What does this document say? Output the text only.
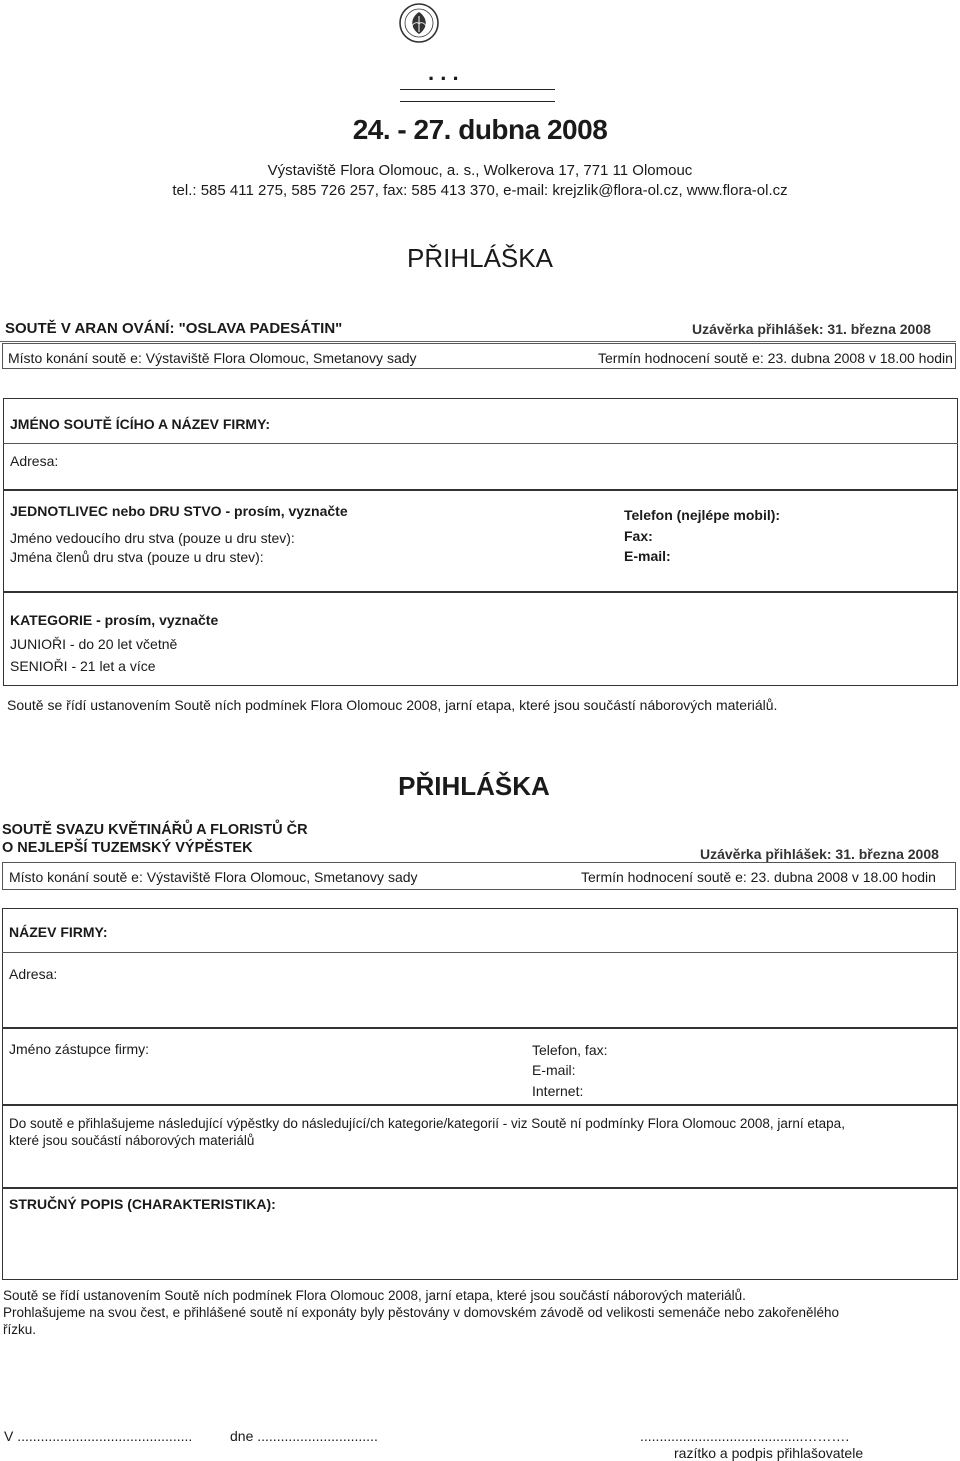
. . .
24. - 27. dubna 2008
Výstaviště Flora Olomouc, a. s., Wolkerova 17, 771 11 Olomouc
tel.: 585 411 275, 585 726 257, fax: 585 413 370, e-mail: krejzlik@flora-ol.cz, www.flora-ol.cz
PŘIHLÁŠKA
SOUTĚ V ARAN OVÁNÍ: "OSLAVA PADESÁTIN"	Uzávěrka přihlášek: 31. března 2008
Místo konání soutě e: Výstaviště Flora Olomouc, Smetanovy sady	Termín hodnocení soutě e: 23. dubna 2008 v 18.00 hodin
JMÉNO SOUTĚ ÍCÍHO A NÁZEV FIRMY:
Adresa:
JEDNOTLIVEC nebo DRU STVO - prosím, vyznačte
Jméno vedoucího dru stva (pouze u dru stev):
Jména členů dru stva (pouze u dru stev):
Telefon (nejlépe mobil):
Fax:
E-mail:
KATEGORIE - prosím, vyznačte
JUNIOŘI - do 20 let včetně
SENIOŘI - 21 let a více
Soutě se řídí ustanovením Soutě ních podmínek Flora Olomouc 2008, jarní etapa, které jsou součástí náborových materiálů.
PŘIHLÁŠKA
SOUTĚ SVAZU KVĚTINÁŘŮ A FLORISTŮ ČR
O NEJLEPŠÍ TUZEMSKÝ VÝPĚSTEK	Uzávěrka přihlášek: 31. března 2008
Místo konání soutě e: Výstaviště Flora Olomouc, Smetanovy sady	Termín hodnocení soutě e: 23. dubna 2008 v 18.00 hodin
NÁZEV FIRMY:
Adresa:
Jméno zástupce firmy:	Telefon, fax:
E-mail:
Internet:
Do soutě e přihlašujeme následující výpěstky do následující/ch kategorie/kategorií - viz Soutě ní podmínky Flora Olomouc 2008, jarní etapa,
které jsou součástí náborových materiálů
STRUČNÝ POPIS (CHARAKTERISTIKA):
Soutě se řídí ustanovením Soutě ních podmínek Flora Olomouc 2008, jarní etapa, které jsou součástí náborových materiálů.
Prohlašujeme na svou čest, e přihlášené soutě ní exponáty byly pěstovány v domovském závodě od velikosti semenáče nebo zakořenělého
řízku.
V .............................................	dne ...............................	..........................................……….
razítko a podpis přihlašovatele
